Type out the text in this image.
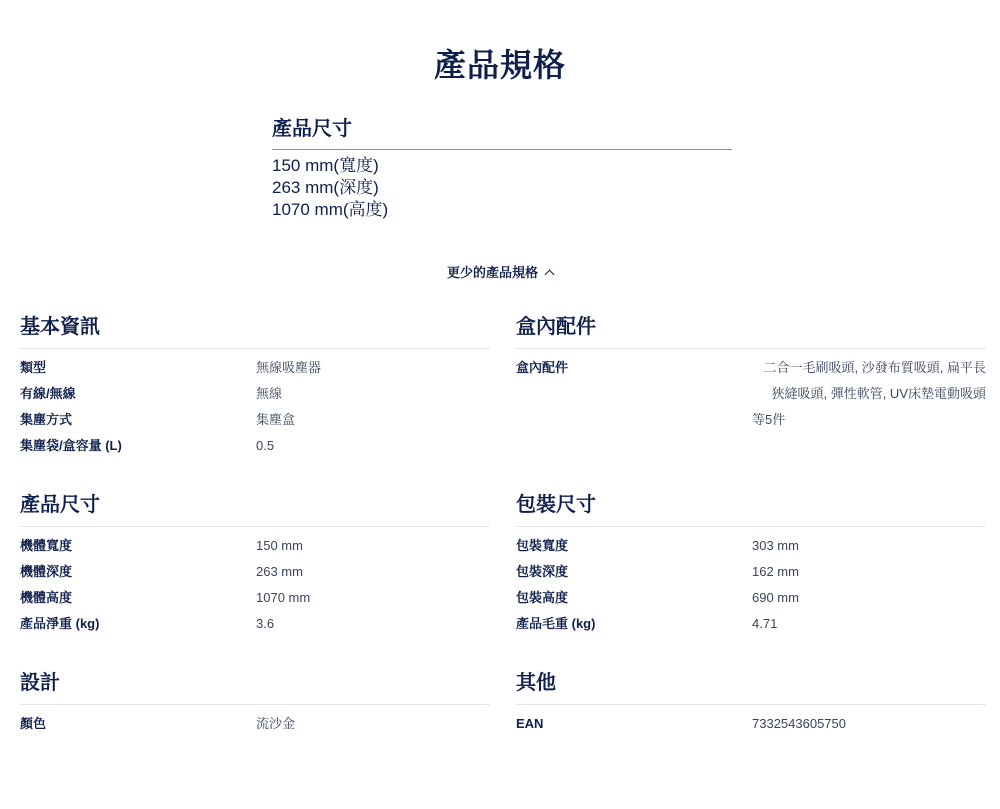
產品規格
產品尺寸
150 mm(寬度)
263 mm(深度)
1070 mm(高度)
更少的產品規格
基本資訊
類型	無線吸塵器
有線/無線	無線
集塵方式	集塵盒
集塵袋/盒容量 (L)	0.5
盒內配件
盒內配件	二合一毛刷吸頭, 沙發布質吸頭, 扁平長
狹縫吸頭, 彈性軟管, UV床墊電動吸頭
等5件
產品尺寸
機體寬度	150 mm
機體深度	263 mm
機體高度	1070 mm
產品淨重 (kg)	3.6
包裝尺寸
包裝寬度	303 mm
包裝深度	162 mm
包裝高度	690 mm
產品毛重 (kg)	4.71
設計
顏色	流沙金
其他
EAN	7332543605750
